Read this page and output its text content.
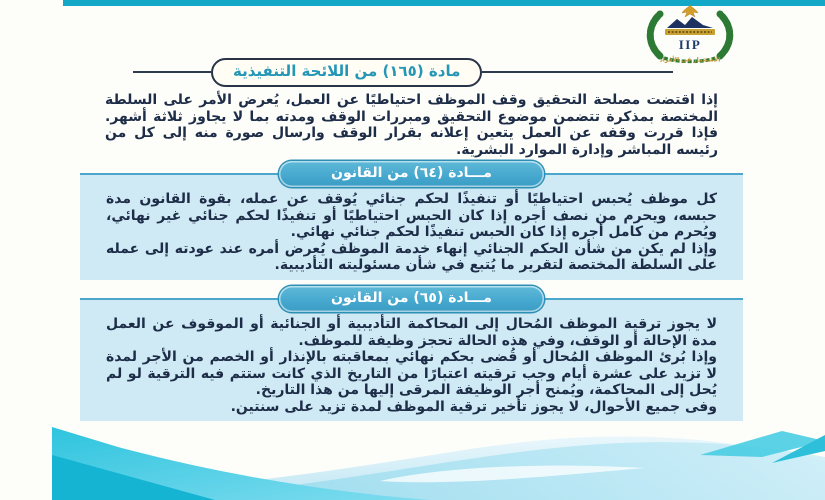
IIP
الاستثمار في الأفراد
مادة (١٦٥) من اللائحة التنفيذية

إذا اقتضت مصلحة التحقيق وقف الموظف احتياطيًا عن العمل، يُعرض الأمر على السلطة المختصة بمذكرة تتضمن موضوع التحقيق ومبررات الوقف ومدته بما لا يجاوز ثلاثة أشهر. فإذا قررت وقفه عن العمل يتعين إعلانه بقرار الوقف وارسال صورة منه إلى كل من رئيسه المباشر وإدارة الموارد البشرية.

مـــادة (٦٤) من القانون

كل موظف يُحبس احتياطيًا أو تنفيذًا لحكم جنائي يُوقف عن عمله، بقوة القانون مدة حبسه، ويحرم من نصف أجره إذا كان الحبس احتياطيًا أو تنفيذًا لحكم جنائي غير نهائي، ويُحرم من كامل أجره إذا كان الحبس تنفيذًا لحكم جنائي نهائي.

وإذا لم يكن من شأن الحكم الجنائي إنهاء خدمة الموظف يُعرض أمره عند عودته إلى عمله على السلطة المختصة لتقرير ما يُتبع في شأن مسئوليته التأديبية.

مـــادة (٦٥) من القانون

لا يجوز ترقية الموظف المُحال إلى المحاكمة التأديبية أو الجنائية أو الموقوف عن العمل مدة الإحالة أو الوقف، وفي هذه الحالة تحجز وظيفة للموظف.

وإذا بُرئ الموظف المُحال أو قُضى بحكم نهائي بمعاقبته بالإنذار أو الخصم من الأجر لمدة لا تزيد على عشرة أيام وجب ترقيته اعتبارًا من التاريخ الذي كانت ستتم فيه الترقية لو لم يُحل إلى المحاكمة، ويُمنح أجر الوظيفة المرقى إليها من هذا التاريخ.

وفى جميع الأحوال، لا يجوز تأخير ترقية الموظف لمدة تزيد على سنتين.
